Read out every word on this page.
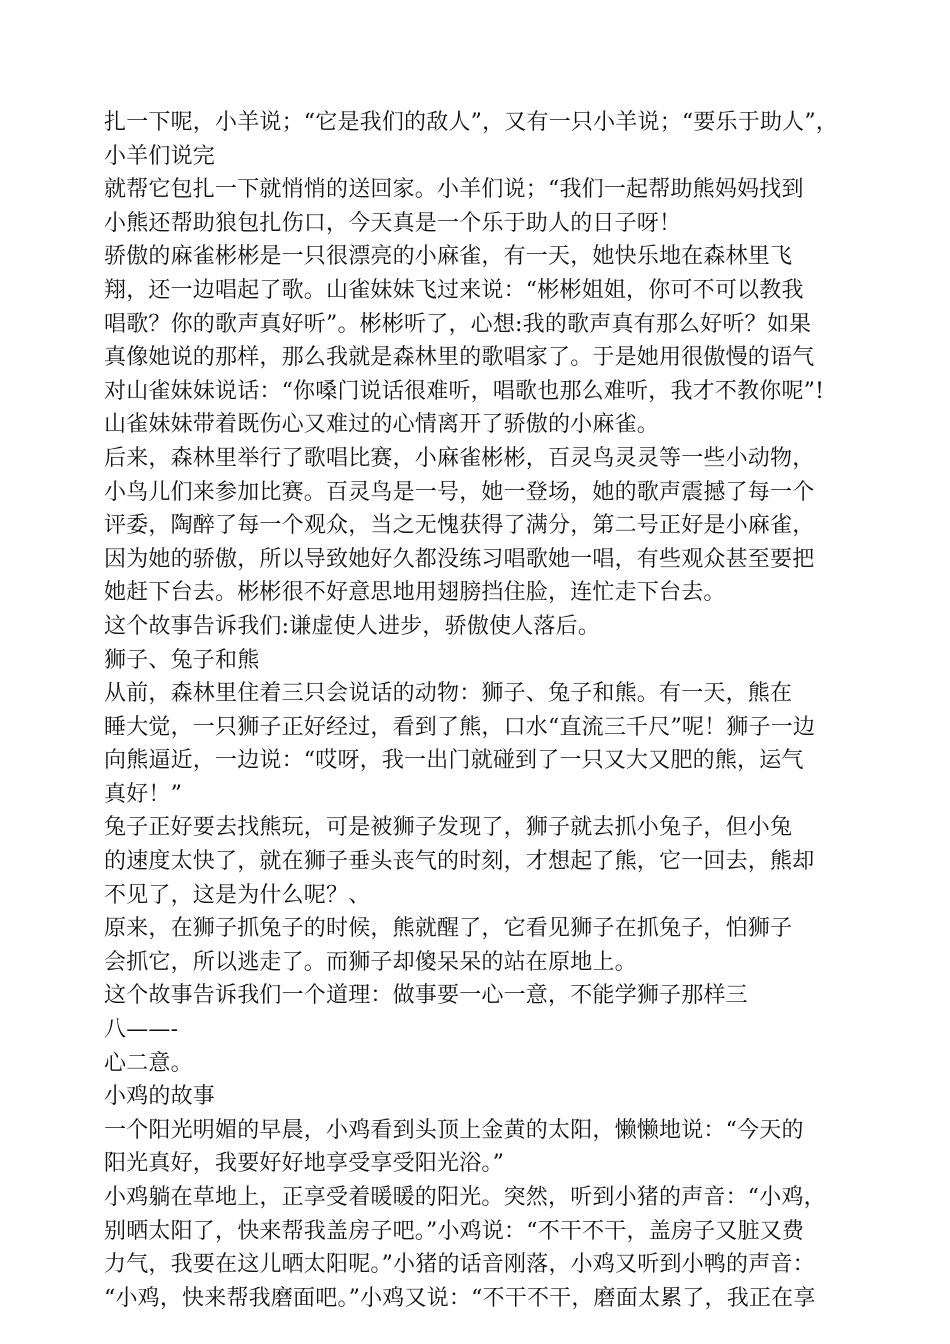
扎一下呢，小羊说；“它是我们的敌人”，又有一只小羊说；“要乐于助人”，
小羊们说完
就帮它包扎一下就悄悄的送回家。小羊们说；“我们一起帮助熊妈妈找到
小熊还帮助狼包扎伤口，今天真是一个乐于助人的日子呀！
骄傲的麻雀彬彬是一只很漂亮的小麻雀，有一天，她快乐地在森林里飞
翔，还一边唱起了歌。山雀妹妹飞过来说：“彬彬姐姐，你可不可以教我
唱歌？你的歌声真好听”。彬彬听了，心想:我的歌声真有那么好听？如果
真像她说的那样，那么我就是森林里的歌唱家了。于是她用很傲慢的语气
对山雀妹妹说话：“你嗓门说话很难听，唱歌也那么难听，我才不教你呢”!
山雀妹妹带着既伤心又难过的心情离开了骄傲的小麻雀。
后来，森林里举行了歌唱比赛，小麻雀彬彬，百灵鸟灵灵等一些小动物，
小鸟儿们来参加比赛。百灵鸟是一号，她一登场，她的歌声震撼了每一个
评委，陶醉了每一个观众，当之无愧获得了满分，第二号正好是小麻雀，
因为她的骄傲，所以导致她好久都没练习唱歌她一唱，有些观众甚至要把
她赶下台去。彬彬很不好意思地用翅膀挡住脸，连忙走下台去。
这个故事告诉我们:谦虚使人进步，骄傲使人落后。
狮子、兔子和熊
从前，森林里住着三只会说话的动物：狮子、兔子和熊。有一天，熊在
睡大觉，一只狮子正好经过，看到了熊，口水“直流三千尺”呢！狮子一边
向熊逼近，一边说：“哎呀，我一出门就碰到了一只又大又肥的熊，运气
真好！”
兔子正好要去找熊玩，可是被狮子发现了，狮子就去抓小兔子，但小兔
的速度太快了，就在狮子垂头丧气的时刻，才想起了熊，它一回去，熊却
不见了，这是为什么呢？、
原来，在狮子抓兔子的时候，熊就醒了，它看见狮子在抓兔子，怕狮子
会抓它，所以逃走了。而狮子却傻呆呆的站在原地上。
这个故事告诉我们一个道理：做事要一心一意，不能学狮子那样三
八——-
心二意。
小鸡的故事
一个阳光明媚的早晨，小鸡看到头顶上金黄的太阳，懒懒地说：“今天的
阳光真好，我要好好地享受享受阳光浴。”
小鸡躺在草地上，正享受着暖暖的阳光。突然，听到小猪的声音：“小鸡，
别晒太阳了，快来帮我盖房子吧。”小鸡说：“不干不干，盖房子又脏又费
力气，我要在这儿晒太阳呢。”小猪的话音刚落，小鸡又听到小鸭的声音：
“小鸡，快来帮我磨面吧。”小鸡又说：“不干不干，磨面太累了，我正在享
